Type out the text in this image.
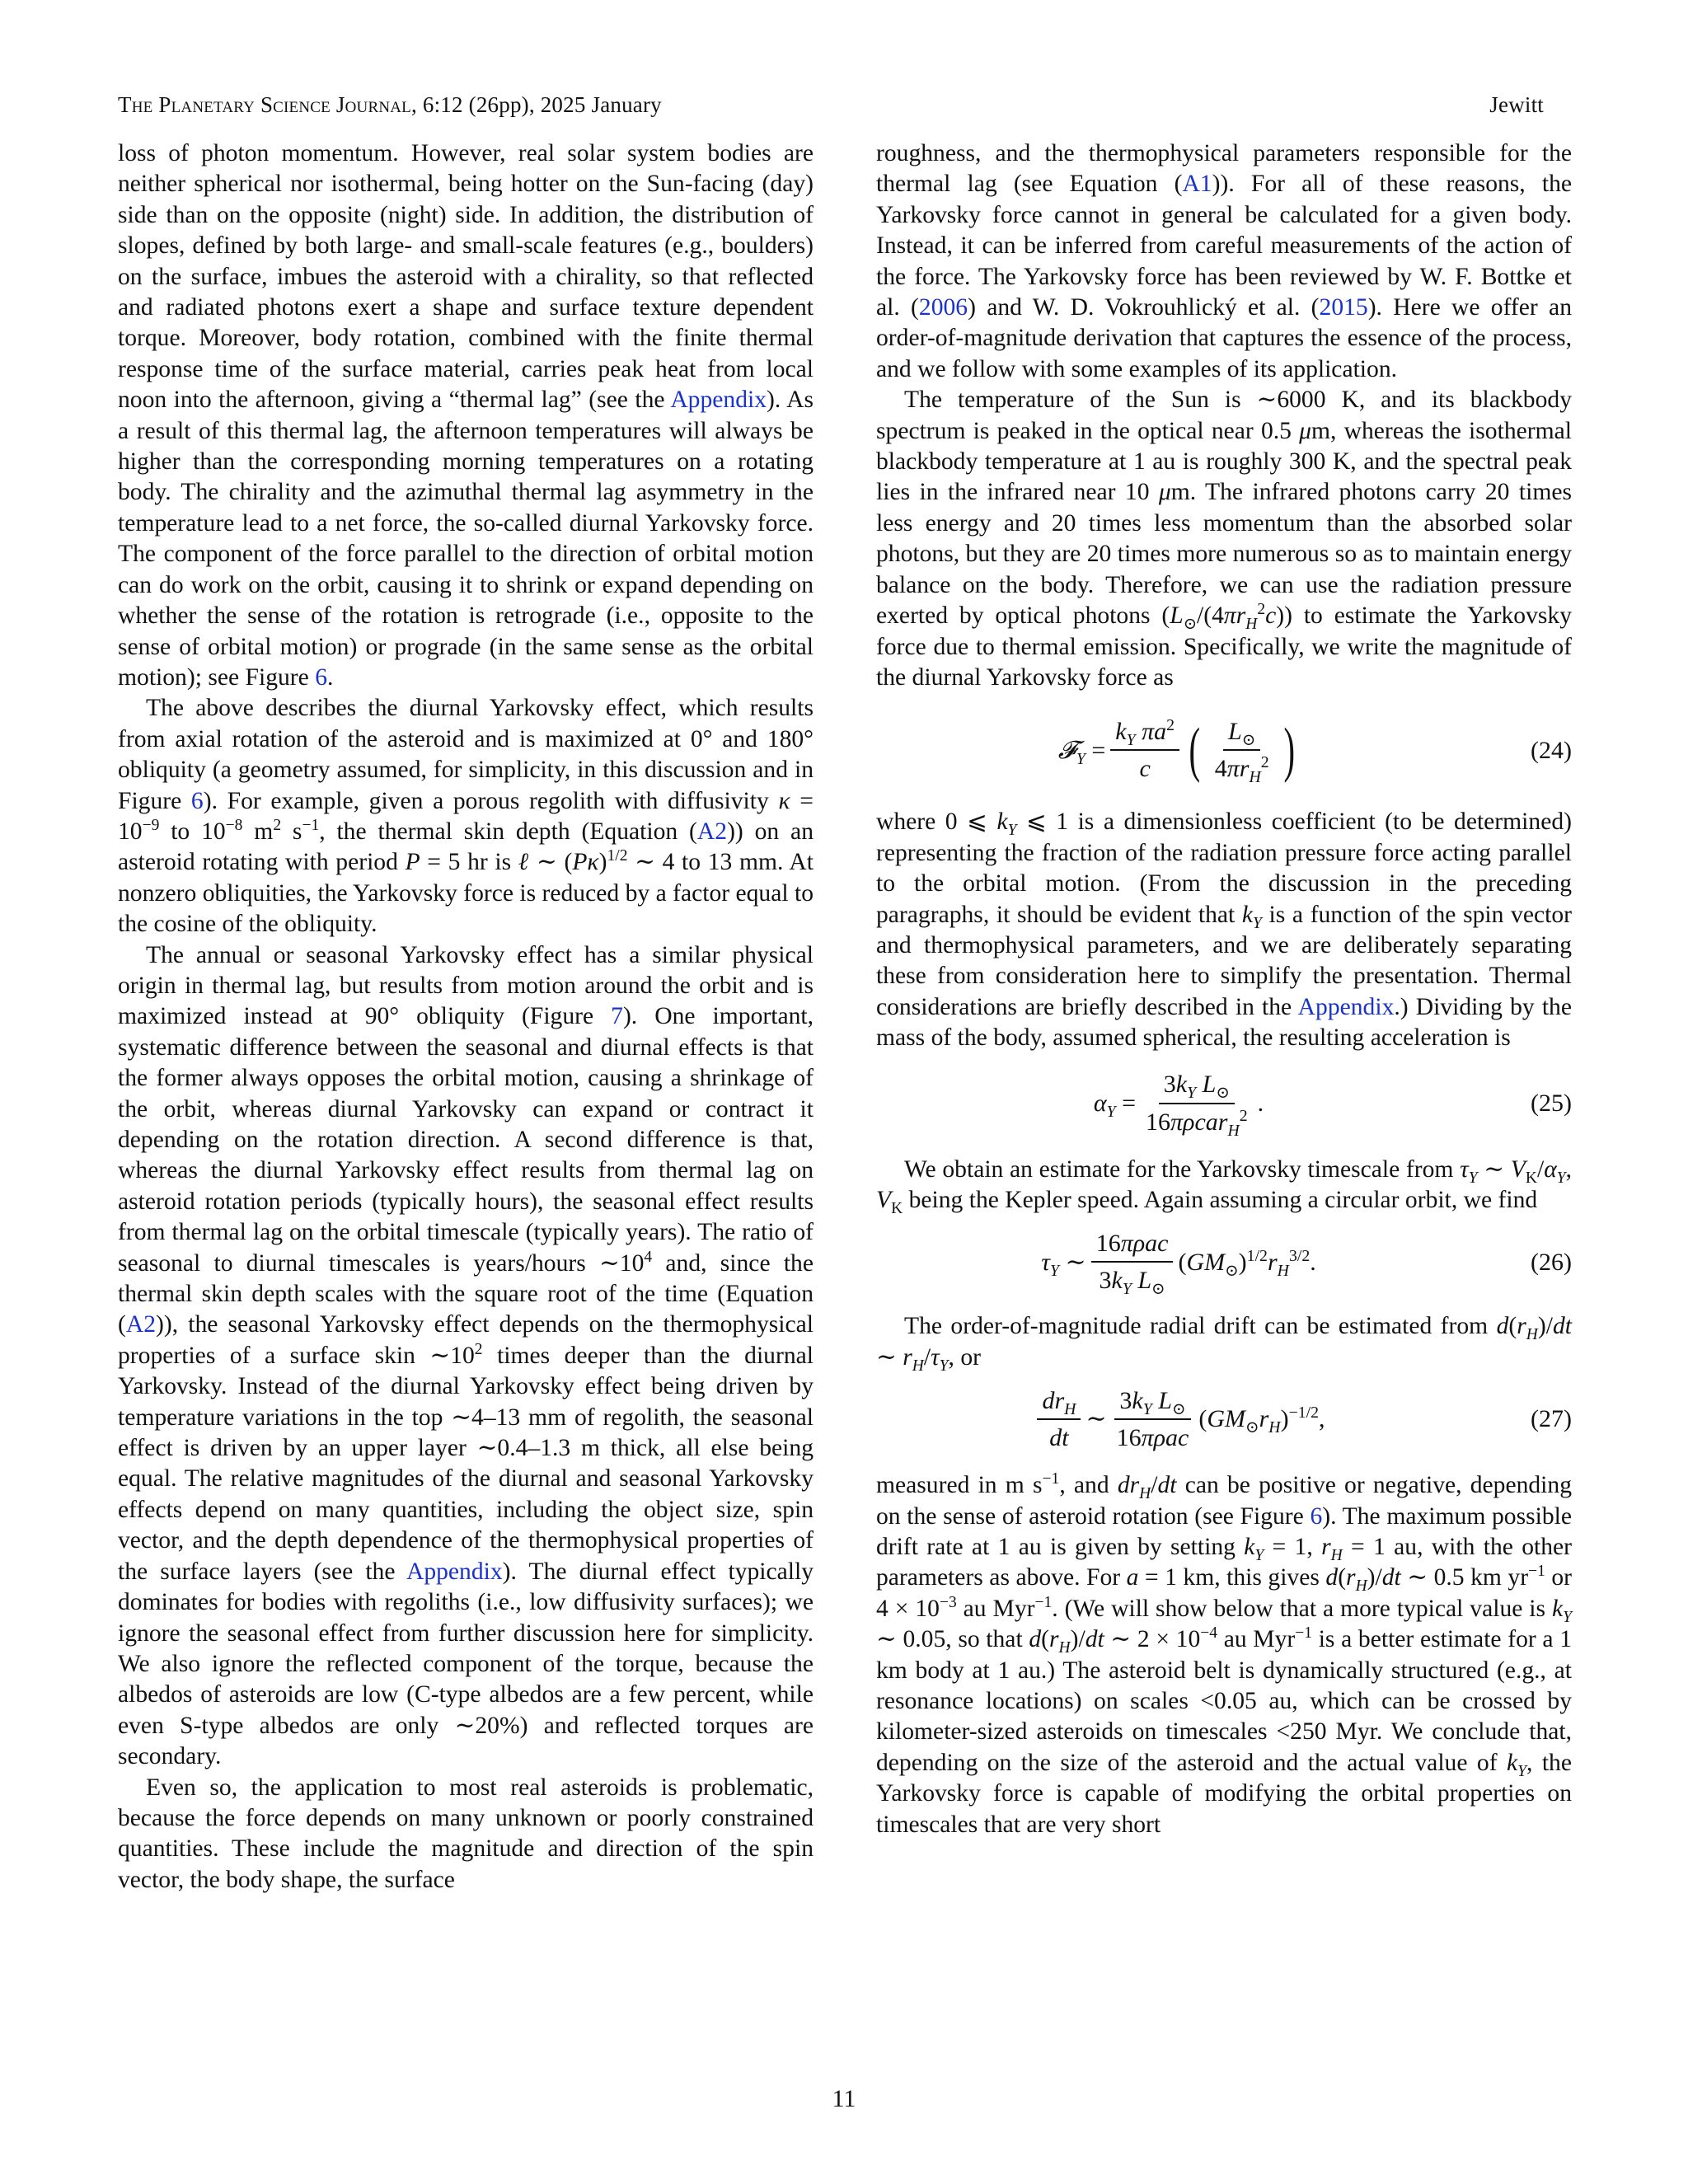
The Planetary Science Journal, 6:12 (26pp), 2025 January	Jewitt

loss of photon momentum. However, real solar system bodies are neither spherical nor isothermal, being hotter on the Sun-facing (day) side than on the opposite (night) side. In addition, the distribution of slopes, defined by both large- and small-scale features (e.g., boulders) on the surface, imbues the asteroid with a chirality, so that reflected and radiated photons exert a shape and surface texture dependent torque. Moreover, body rotation, combined with the finite thermal response time of the surface material, carries peak heat from local noon into the afternoon, giving a “thermal lag” (see the Appendix). As a result of this thermal lag, the afternoon temperatures will always be higher than the corresponding morning temperatures on a rotating body. The chirality and the azimuthal thermal lag asymmetry in the temperature lead to a net force, the so-called diurnal Yarkovsky force. The component of the force parallel to the direction of orbital motion can do work on the orbit, causing it to shrink or expand depending on whether the sense of the rotation is retrograde (i.e., opposite to the sense of orbital motion) or prograde (in the same sense as the orbital motion); see Figure 6.

The above describes the diurnal Yarkovsky effect, which results from axial rotation of the asteroid and is maximized at 0° and 180° obliquity (a geometry assumed, for simplicity, in this discussion and in Figure 6). For example, given a porous regolith with diffusivity $\kappa = 10^{-9}$ to $10^{-8}$ $m^2$ $s^{-1}$, the thermal skin depth (Equation (A2)) on an asteroid rotating with period P = 5 hr is ℓ ∼ $(P\kappa)^{1/2}$ ∼ 4 to 13 mm. At nonzero obliquities, the Yarkovsky force is reduced by a factor equal to the cosine of the obliquity.

The annual or seasonal Yarkovsky effect has a similar physical origin in thermal lag, but results from motion around the orbit and is maximized instead at 90° obliquity (Figure 7). One important, systematic difference between the seasonal and diurnal effects is that the former always opposes the orbital motion, causing a shrinkage of the orbit, whereas diurnal Yarkovsky can expand or contract it depending on the rotation direction. A second difference is that, whereas the diurnal Yarkovsky effect results from thermal lag on asteroid rotation periods (typically hours), the seasonal effect results from thermal lag on the orbital timescale (typically years). The ratio of seasonal to diurnal timescales is years/hours $\sim 10^4$ and, since the thermal skin depth scales with the square root of the time (Equation (A2)), the seasonal Yarkovsky effect depends on the thermophysical properties of a surface skin $\sim 10^2$ times deeper than the diurnal Yarkovsky. Instead of the diurnal Yarkovsky effect being driven by temperature variations in the top ∼4–13 mm of regolith, the seasonal effect is driven by an upper layer ∼0.4–1.3 m thick, all else being equal. The relative magnitudes of the diurnal and seasonal Yarkovsky effects depend on many quantities, including the object size, spin vector, and the depth dependence of the thermophysical properties of the surface layers (see the Appendix). The diurnal effect typically dominates for bodies with regoliths (i.e., low diffusivity surfaces); we ignore the seasonal effect from further discussion here for simplicity. We also ignore the reflected component of the torque, because the albedos of asteroids are low (C-type albedos are a few percent, while even S-type albedos are only ∼20%) and reflected torques are secondary.

Even so, the application to most real asteroids is problematic, because the force depends on many unknown or poorly constrained quantities. These include the magnitude and direction of the spin vector, the body shape, the surface

roughness, and the thermophysical parameters responsible for the thermal lag (see Equation (A1)). For all of these reasons, the Yarkovsky force cannot in general be calculated for a given body. Instead, it can be inferred from careful measurements of the action of the force. The Yarkovsky force has been reviewed by W. F. Bottke et al. (2006) and W. D. Vokrouhlický et al. (2015). Here we offer an order-of-magnitude derivation that captures the essence of the process, and we follow with some examples of its application.

The temperature of the Sun is ∼6000 K, and its blackbody spectrum is peaked in the optical near 0.5 μm, whereas the isothermal blackbody temperature at 1 au is roughly 300 K, and the spectral peak lies in the infrared near 10 μm. The infrared photons carry 20 times less energy and 20 times less momentum than the absorbed solar photons, but they are 20 times more numerous so as to maintain energy balance on the body. Therefore, we can use the radiation pressure exerted by optical photons $(L_⊙/(4\pi r_H^2c))$ to estimate the Yarkovsky force due to thermal emission. Specifically, we write the magnitude of the diurnal Yarkovsky force as

𝓕$_Y$ = $\frac{k_Y \pi a^2}{c}$ ( $\frac{L_⊙}{4\pi r_H^2}$ )	(24)

where 0 ⩽ $k_Y$ ⩽ 1 is a dimensionless coefficient (to be determined) representing the fraction of the radiation pressure force acting parallel to the orbital motion. (From the discussion in the preceding paragraphs, it should be evident that $k_Y$ is a function of the spin vector and thermophysical parameters, and we are deliberately separating these from consideration here to simplify the presentation. Thermal considerations are briefly described in the Appendix.) Dividing by the mass of the body, assumed spherical, the resulting acceleration is

$\alpha_Y = \frac{3k_Y L_⊙}{16\pi\rho car_H^2}$ .	(25)

We obtain an estimate for the Yarkovsky timescale from $\tau_Y$ ∼ $V_K/\alpha_Y$, $V_K$ being the Kepler speed. Again assuming a circular orbit, we find

$\tau_Y$ ∼ $\frac{\text{16πρac}}{3k_Y L_⊙} (GM_⊙)^{1/2}r_H^{3/2}$.	(26)

The order-of-magnitude radial drift can be estimated from $d(r_H)/dt$ ∼ $r_H/\tau_Y$, or

$\frac{dr_H}{dt}$ ∼ $\frac{3k_Y L_⊙}{\text{16πρac}} (GM_⊙r_H)^{-1/2}$,	(27)

measured in m $s^{-1}$, and $dr_H/dt$ can be positive or negative, depending on the sense of asteroid rotation (see Figure 6). The maximum possible drift rate at 1 au is given by setting $k_Y = 1$, $r_H = 1$ au, with the other parameters as above. For a = 1 km, this gives $d(r_H)/dt$ ∼ 0.5 km $yr^{-1}$ or $4 \times 10^{-3}$ au Myr$^{-1}$. (We will show below that a more typical value is $k_Y$ ∼ 0.05, so that $d(r_H)/dt$ ∼ $2 \times 10^{-4}$ au Myr$^{-1}$ is a better estimate for a 1 km body at 1 au.) The asteroid belt is dynamically structured (e.g., at resonance locations) on scales <0.05 au, which can be crossed by kilometer-sized asteroids on timescales <250 Myr. We conclude that, depending on the size of the asteroid and the actual value of $k_Y$, the Yarkovsky force is capable of modifying the orbital properties on timescales that are very short

11
